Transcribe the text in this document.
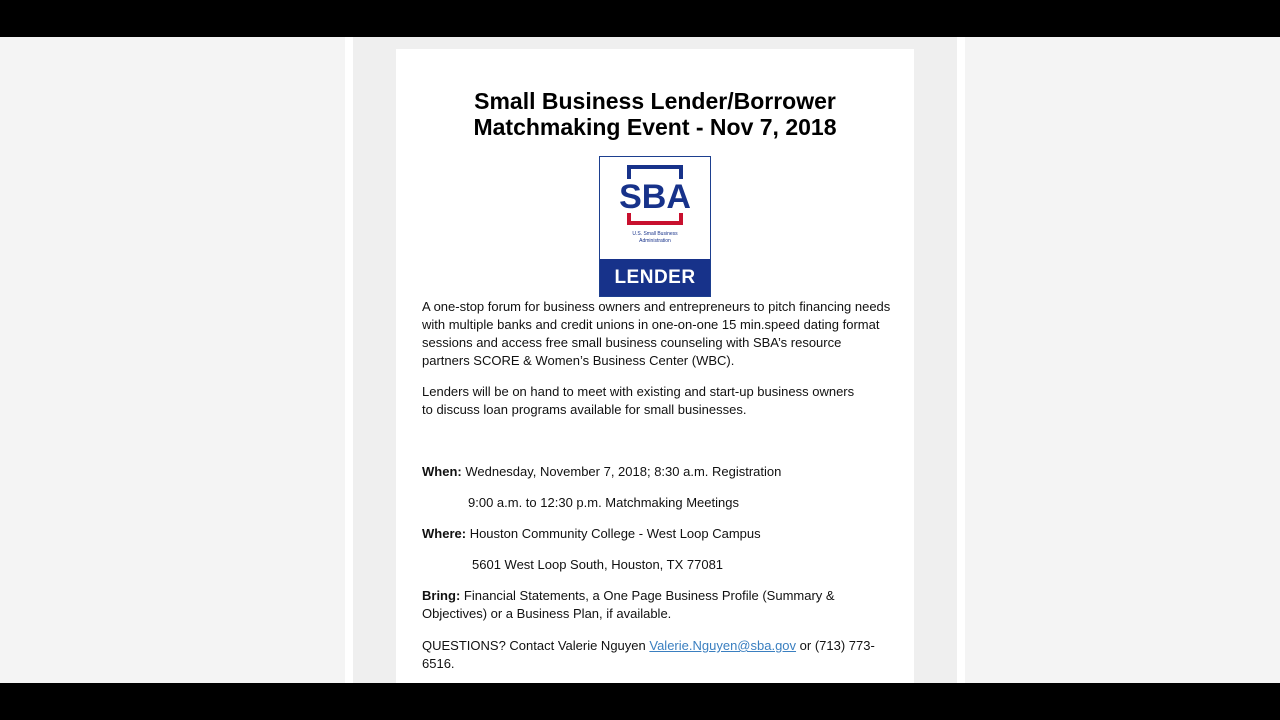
Small Business Lender/Borrower
Matchmaking Event - Nov 7, 2018
SBA
U.S. Small Business
Administration
LENDER

A one-stop forum for business owners and entrepreneurs to pitch financing needs with multiple banks and credit unions in one-on-one 15 min.speed dating format sessions and access free small business counseling with SBA’s resource partners SCORE & Women’s Business Center (WBC).

Lenders will be on hand to meet with existing and start-up business owners
to discuss loan programs available for small businesses.

When: Wednesday, November 7, 2018; 8:30 a.m. Registration

9:00 a.m. to 12:30 p.m. Matchmaking Meetings

Where: Houston Community College - West Loop Campus

5601 West Loop South, Houston, TX 77081

Bring: Financial Statements, a One Page Business Profile (Summary & Objectives) or a Business Plan, if available.

QUESTIONS? Contact Valerie Nguyen Valerie.Nguyen@sba.gov or (713) 773-6516.
